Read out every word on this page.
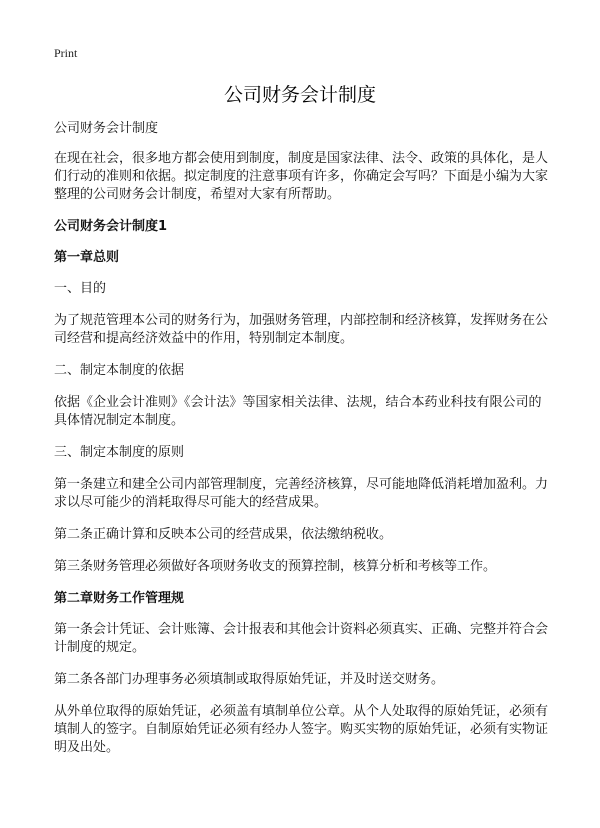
Print
公司财务会计制度

公司财务会计制度

在现在社会，很多地方都会使用到制度，制度是国家法律、法令、政策的具体化，是人们行动的准则和依据。拟定制度的注意事项有许多，你确定会写吗？下面是小编为大家整理的公司财务会计制度，希望对大家有所帮助。

公司财务会计制度1

第一章总则

一、目的

为了规范管理本公司的财务行为，加强财务管理，内部控制和经济核算，发挥财务在公司经营和提高经济效益中的作用，特别制定本制度。

二、制定本制度的依据

依据《企业会计准则》《会计法》等国家相关法律、法规，结合本药业科技有限公司的具体情况制定本制度。

三、制定本制度的原则

第一条建立和建全公司内部管理制度，完善经济核算，尽可能地降低消耗增加盈利。力求以尽可能少的消耗取得尽可能大的经营成果。

第二条正确计算和反映本公司的经营成果，依法缴纳税收。

第三条财务管理必须做好各项财务收支的预算控制，核算分析和考核等工作。

第二章财务工作管理规

第一条会计凭证、会计账簿、会计报表和其他会计资料必须真实、正确、完整并符合会计制度的规定。

第二条各部门办理事务必须填制或取得原始凭证，并及时送交财务。

从外单位取得的原始凭证，必须盖有填制单位公章。从个人处取得的原始凭证，必须有填制人的签字。自制原始凭证必须有经办人签字。购买实物的原始凭证，必须有实物证明及出处。
